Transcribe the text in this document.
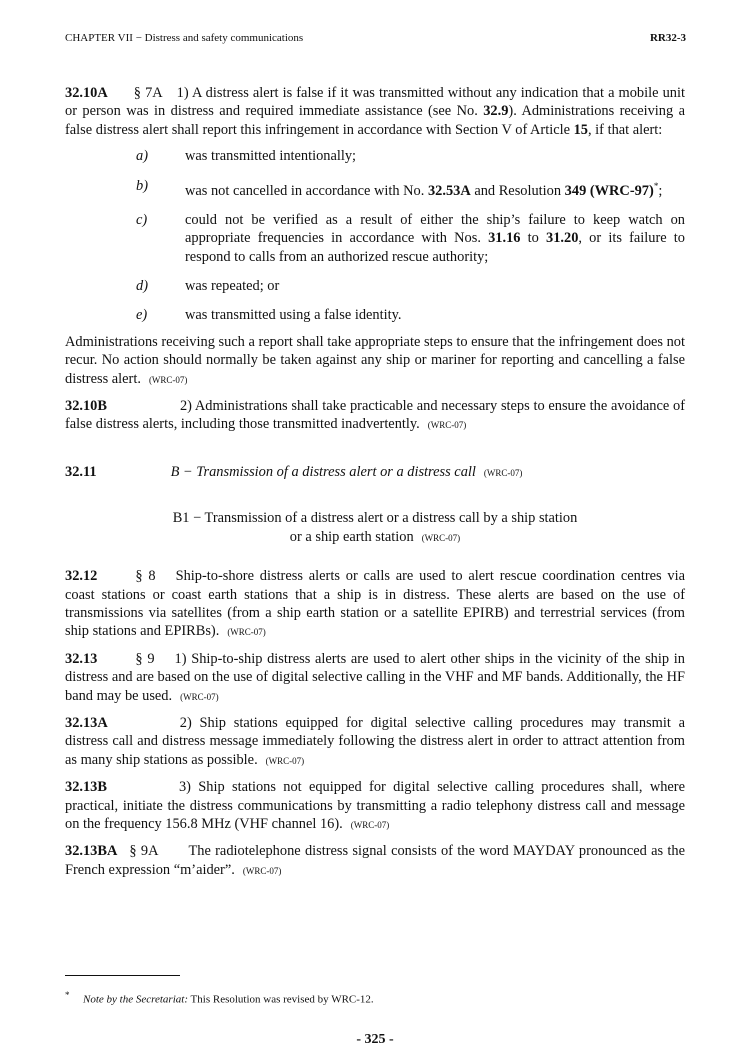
CHAPTER VII − Distress and safety communications	RR32-3

32.10A § 7A 1) A distress alert is false if it was transmitted without any indication that a mobile unit or person was in distress and required immediate assistance (see No. 32.9). Administrations receiving a false distress alert shall report this infringement in accordance with Section V of Article 15, if that alert:

a)	was transmitted intentionally;

b)	was not cancelled in accordance with No. 32.53A and Resolution 349 (WRC-97)*;

c)	could not be verified as a result of either the ship’s failure to keep watch on appropriate frequencies in accordance with Nos. 31.16 to 31.20, or its failure to respond to calls from an authorized rescue authority;

d)	was repeated; or

e)	was transmitted using a false identity.

Administrations receiving such a report shall take appropriate steps to ensure that the infringement does not recur. No action should normally be taken against any ship or mariner for reporting and cancelling a false distress alert. (WRC-07)

32.10B	2) Administrations shall take practicable and necessary steps to ensure the avoidance of false distress alerts, including those transmitted inadvertently. (WRC-07)

32.11	B − Transmission of a distress alert or a distress call (WRC-07)

B1 − Transmission of a distress alert or a distress call by a ship station

or a ship earth station (WRC-07)

32.12	§ 8 Ship-to-shore distress alerts or calls are used to alert rescue coordination centres via coast stations or coast earth stations that a ship is in distress. These alerts are based on the use of transmissions via satellites (from a ship earth station or a satellite EPIRB) and terrestrial services (from ship stations and EPIRBs). (WRC-07)

32.13	§ 9 1) Ship-to-ship distress alerts are used to alert other ships in the vicinity of the ship in distress and are based on the use of digital selective calling in the VHF and MF bands. Additionally, the HF band may be used. (WRC-07)

32.13A	2) Ship stations equipped for digital selective calling procedures may transmit a distress call and distress message immediately following the distress alert in order to attract attention from as many ship stations as possible. (WRC-07)

32.13B	3) Ship stations not equipped for digital selective calling procedures shall, where practical, initiate the distress communications by transmitting a radio telephony distress call and message on the frequency 156.8 MHz (VHF channel 16). (WRC-07)

32.13BA § 9A The radiotelephone distress signal consists of the word MAYDAY pronounced as the French expression “m’aider”. (WRC-07)

* Note by the Secretariat: This Resolution was revised by WRC-12.
- 325 -
